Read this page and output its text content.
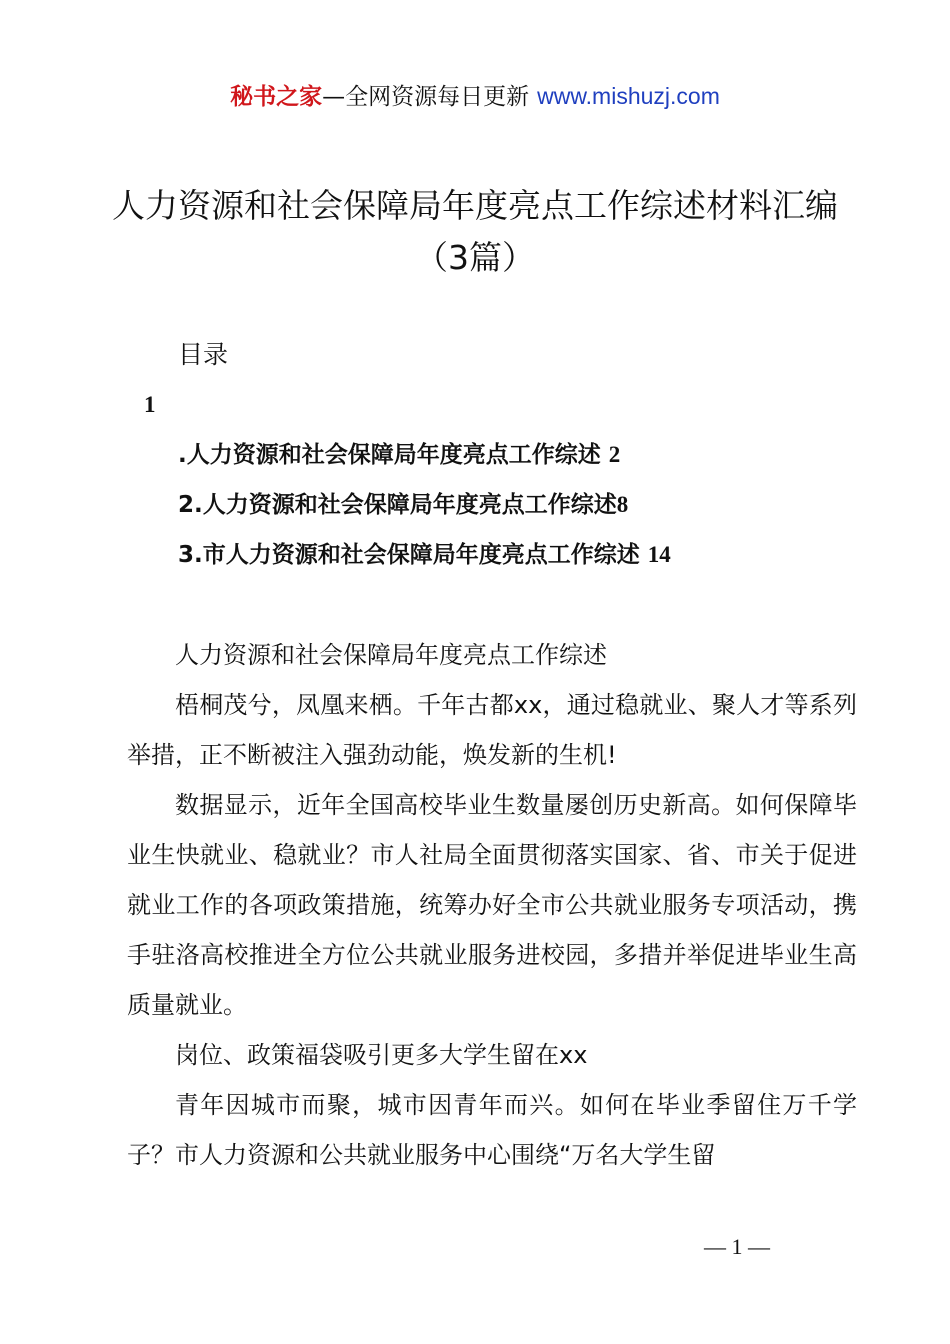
秘书之家—全网资源每日更新 www.mishuzj.com
人力资源和社会保障局年度亮点工作综述材料汇编（3篇）
目录
1
.人力资源和社会保障局年度亮点工作综述 2
2.人力资源和社会保障局年度亮点工作综述8
3.市人力资源和社会保障局年度亮点工作综述 14

人力资源和社会保障局年度亮点工作综述

梧桐茂兮，凤凰来栖。千年古都xx，通过稳就业、聚人才等系列举措，正不断被注入强劲动能，焕发新的生机!

数据显示，近年全国高校毕业生数量屡创历史新高。如何保障毕业生快就业、稳就业？市人社局全面贯彻落实国家、省、市关于促进就业工作的各项政策措施，统筹办好全市公共就业服务专项活动，携手驻洛高校推进全方位公共就业服务进校园，多措并举促进毕业生高质量就业。

岗位、政策福袋吸引更多大学生留在xx

青年因城市而聚，城市因青年而兴。如何在毕业季留住万千学子？市人力资源和公共就业服务中心围绕“万名大学生留

— 1 —
